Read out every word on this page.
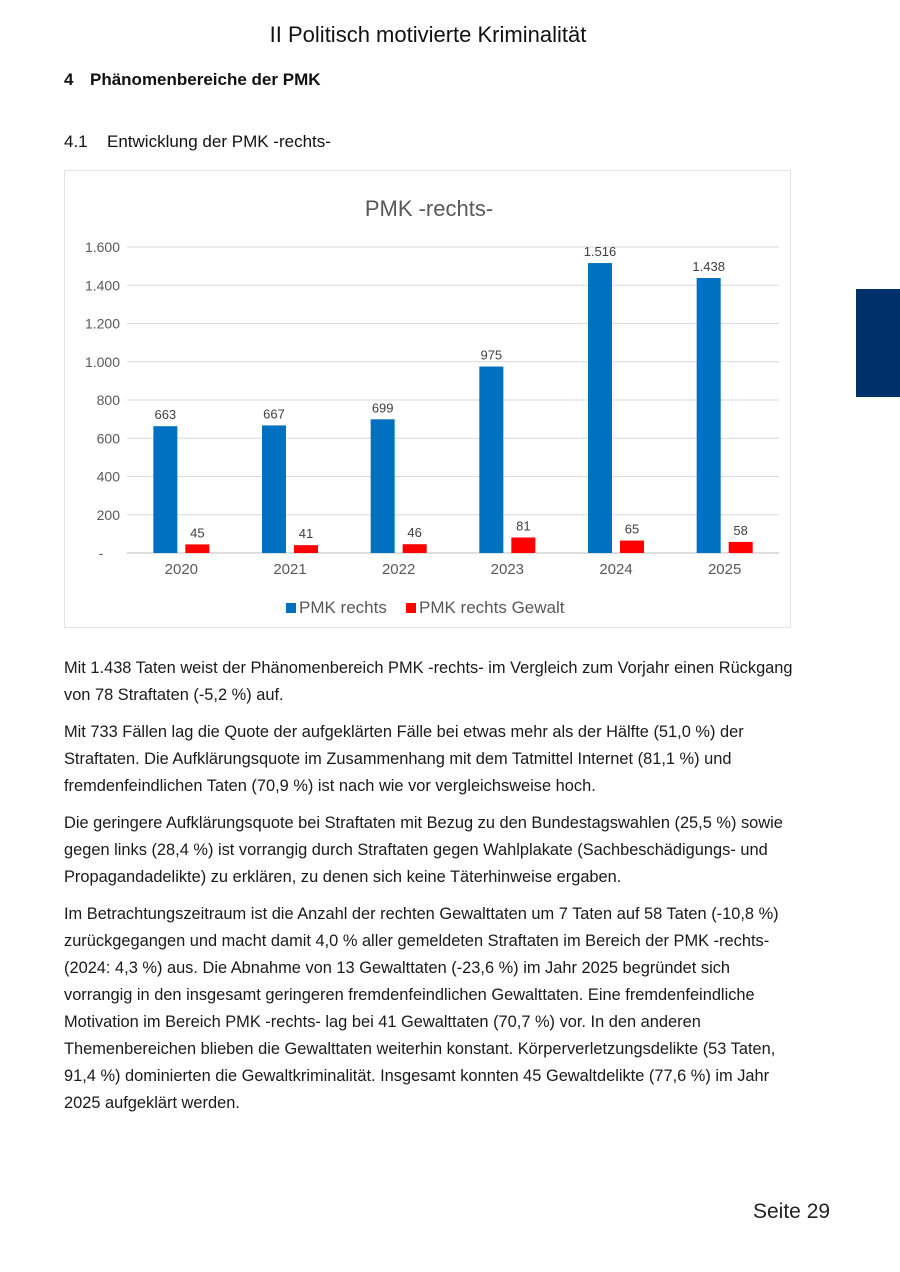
II Politisch motivierte Kriminalität
4 Phänomenbereiche der PMK
4.1 Entwicklung der PMK -rechts-
PMK -rechts-
-
200
400
600
800
1.000
1.200
1.400
1.600
663
45
2020
667
41
2021
699
46
2022
975
81
2023
1.516
65
2024
1.438
58
2025
PMK rechts PMK rechts Gewalt

Mit 1.438 Taten weist der Phänomenbereich PMK -rechts- im Vergleich zum Vorjahr einen Rückgang von 78 Straftaten (-5,2 %) auf.

Mit 733 Fällen lag die Quote der aufgeklärten Fälle bei etwas mehr als der Hälfte (51,0 %) der Straftaten. Die Aufklärungsquote im Zusammenhang mit dem Tatmittel Internet (81,1 %) und fremdenfeindlichen Taten (70,9 %) ist nach wie vor vergleichsweise hoch.

Die geringere Aufklärungsquote bei Straftaten mit Bezug zu den Bundestagswahlen (25,5 %) sowie gegen links (28,4 %) ist vorrangig durch Straftaten gegen Wahlplakate (Sachbeschädigungs- und Propagandadelikte) zu erklären, zu denen sich keine Täterhinweise ergaben.

Im Betrachtungszeitraum ist die Anzahl der rechten Gewalttaten um 7 Taten auf 58 Taten (-10,8 %) zurückgegangen und macht damit 4,0 % aller gemeldeten Straftaten im Bereich der PMK -rechts- (2024: 4,3 %) aus. Die Abnahme von 13 Gewalttaten (-23,6 %) im Jahr 2025 begründet sich vorrangig in den insgesamt geringeren fremdenfeindlichen Gewalttaten. Eine fremdenfeindliche Motivation im Bereich PMK -rechts- lag bei 41 Gewalttaten (70,7 %) vor. In den anderen Themenbereichen blieben die Gewalttaten weiterhin konstant. Körperverletzungsdelikte (53 Taten, 91,4 %) dominierten die Gewaltkriminalität. Insgesamt konnten 45 Gewaltdelikte (77,6 %) im Jahr 2025 aufgeklärt werden.

Seite 29
